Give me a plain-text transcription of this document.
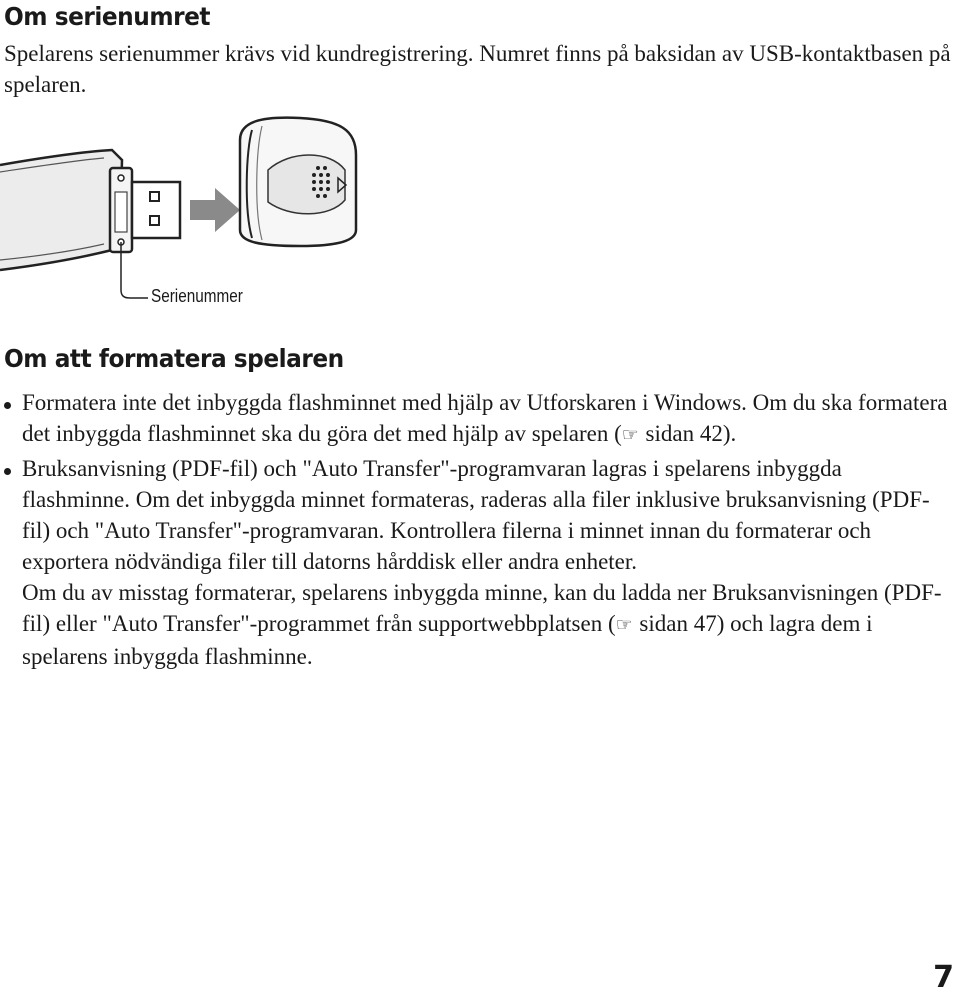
Om serienumret

Spelarens serienummer krävs vid kundregistrering. Numret finns på baksidan av USB-kontaktbasen på spelaren.

Serienummer
Om att formatera spelaren
Formatera inte det inbyggda flashminnet med hjälp av Utforskaren i Windows. Om du ska formatera det inbyggda flashminnet ska du göra det med hjälp av spelaren (☞ sidan 42).
Bruksanvisning (PDF-fil) och "Auto Transfer"-programvaran lagras i spelarens inbyggda flashminne. Om det inbyggda minnet formateras, raderas alla filer inklusive bruksanvisning (PDF-fil) och "Auto Transfer"-programvaran. Kontrollera filerna i minnet innan du formaterar och exportera nödvändiga filer till datorns hårddisk eller andra enheter.
Om du av misstag formaterar, spelarens inbyggda minne, kan du ladda ner Bruksanvisningen (PDF-fil) eller "Auto Transfer"-programmet från supportwebbplatsen (☞ sidan 47) och lagra dem i spelarens inbyggda flashminne.
7
